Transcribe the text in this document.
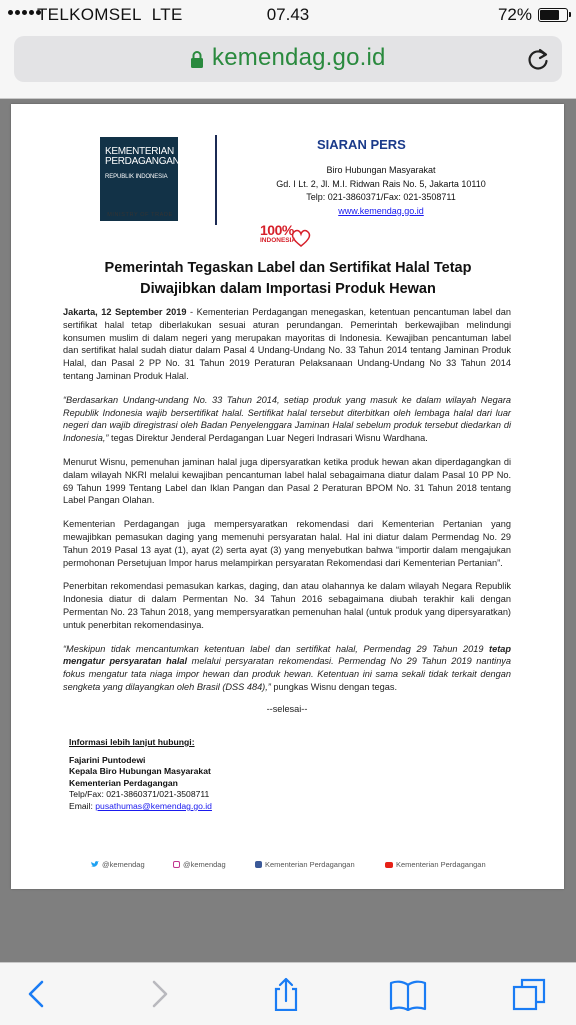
TELKOMSEL LTE	07.43	72%
kemendag.go.id
KEMENTERIAN
PERDAGANGAN
REPUBLIK INDONESIA
MINISTRY OF TRADE
SIARAN PERS
Biro Hubungan Masyarakat
Gd. I Lt. 2, Jl. M.I. Ridwan Rais No. 5, Jakarta 10110
Telp: 021-3860371/Fax: 021-3508711
www.kemendag.go.id
100%
INDONESIA
Pemerintah Tegaskan Label dan Sertifikat Halal Tetap
Diwajibkan dalam Importasi Produk Hewan

Jakarta, 12 September 2019 - Kementerian Perdagangan menegaskan, ketentuan pencantuman label dan sertifikat halal tetap diberlakukan sesuai aturan perundangan. Pemerintah berkewajiban melindungi konsumen muslim di dalam negeri yang merupakan mayoritas di Indonesia. Kewajiban pencantuman label dan sertifikat halal sudah diatur dalam Pasal 4 Undang-Undang No. 33 Tahun 2014 tentang Jaminan Produk Halal, dan Pasal 2 PP No. 31 Tahun 2019 Peraturan Pelaksanaan Undang-Undang No 33 Tahun 2014 tentang Jaminan Produk Halal.

“Berdasarkan Undang-undang No. 33 Tahun 2014, setiap produk yang masuk ke dalam wilayah Negara Republik Indonesia wajib bersertifikat halal. Sertifikat halal tersebut diterbitkan oleh lembaga halal dari luar negeri dan wajib diregistrasi oleh Badan Penyelenggara Jaminan Halal sebelum produk tersebut diedarkan di Indonesia,” tegas Direktur Jenderal Perdagangan Luar Negeri Indrasari Wisnu Wardhana.

Menurut Wisnu, pemenuhan jaminan halal juga dipersyaratkan ketika produk hewan akan diperdagangkan di dalam wilayah NKRI melalui kewajiban pencantuman label halal sebagaimana diatur dalam Pasal 10 PP No. 69 Tahun 1999 Tentang Label dan Iklan Pangan dan Pasal 2 Peraturan BPOM No. 31 Tahun 2018 tentang Label Pangan Olahan.

Kementerian Perdagangan juga mempersyaratkan rekomendasi dari Kementerian Pertanian yang mewajibkan pemasukan daging yang memenuhi persyaratan halal. Hal ini diatur dalam Permendag No. 29 Tahun 2019 Pasal 13 ayat (1), ayat (2) serta ayat (3) yang menyebutkan bahwa “importir dalam mengajukan permohonan Persetujuan Impor harus melampirkan persyaratan Rekomendasi dari Kementerian Pertanian”.

Penerbitan rekomendasi pemasukan karkas, daging, dan atau olahannya ke dalam wilayah Negara Republik Indonesia diatur di dalam Permentan No. 34 Tahun 2016 sebagaimana diubah terakhir kali dengan Permentan No. 23 Tahun 2018, yang mempersyaratkan pemenuhan halal (untuk produk yang dipersyaratkan) untuk penerbitan rekomendasinya.

“Meskipun tidak mencantumkan ketentuan label dan sertifikat halal, Permendag 29 Tahun 2019 tetap mengatur persyaratan halal melalui persyaratan rekomendasi. Permendag No 29 Tahun 2019 nantinya fokus mengatur tata niaga impor hewan dan produk hewan. Ketentuan ini sama sekali tidak terkait dengan sengketa yang dilayangkan oleh Brasil (DSS 484),” pungkas Wisnu dengan tegas.

--selesai--
Informasi lebih lanjut hubungi:
Fajarini Puntodewi
Kepala Biro Hubungan Masyarakat
Kementerian Perdagangan
Telp/Fax: 021-3860371/021-3508711
Email: pusathumas@kemendag.go.id
@kemendag	@kemendag	Kementerian Perdagangan	Kementerian Perdagangan
